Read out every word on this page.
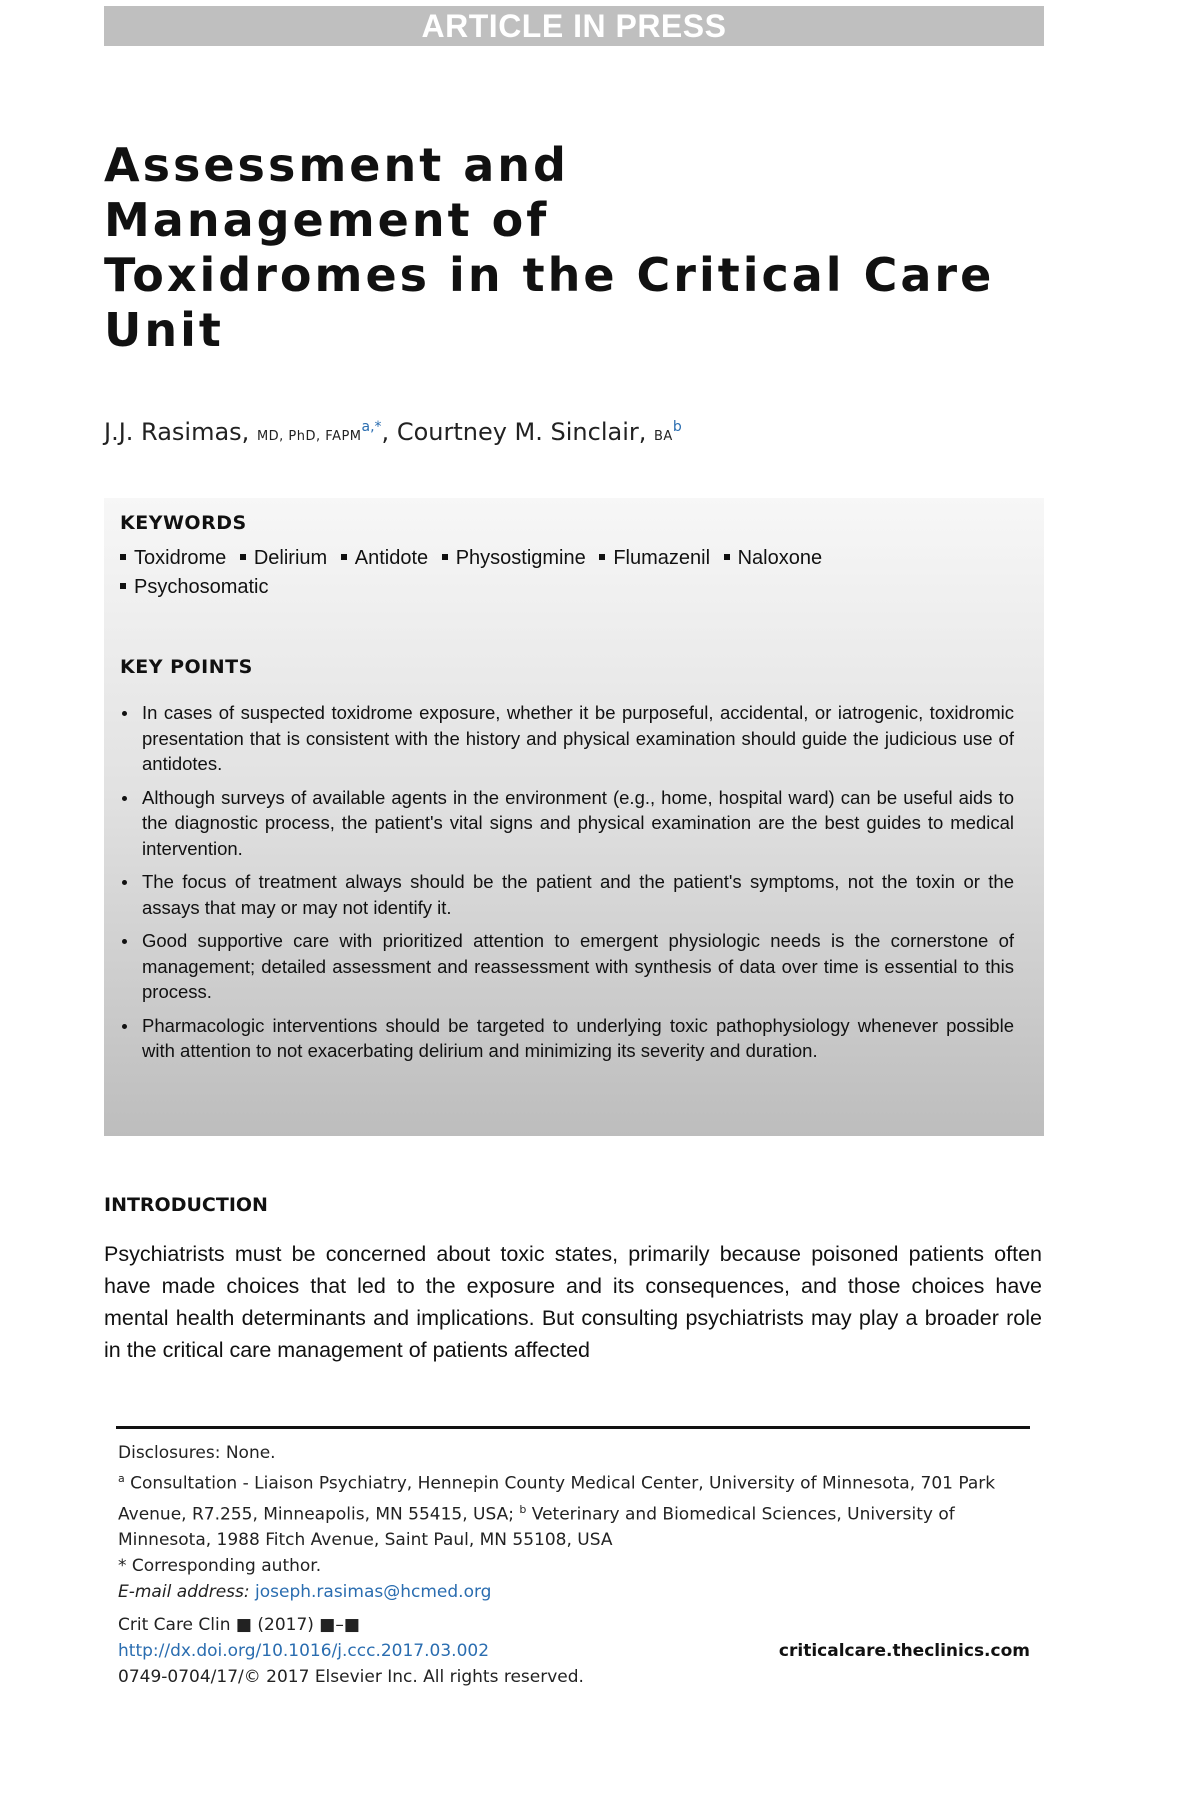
ARTICLE IN PRESS
Assessment and
Management of
Toxidromes in the Critical Care
Unit
J.J. Rasimas, MD, PhD, $FAPM^{a,*}$, Courtney M. Sinclair, $BA^b$
KEYWORDS
Toxidrome Delirium Antidote Physostigmine Flumazenil Naloxone
Psychosomatic
KEY POINTS
In cases of suspected toxidrome exposure, whether it be purposeful, accidental, or iatrogenic, toxidromic presentation that is consistent with the history and physical examination should guide the judicious use of antidotes.
Although surveys of available agents in the environment (e.g., home, hospital ward) can be useful aids to the diagnostic process, the patient's vital signs and physical examination are the best guides to medical intervention.
The focus of treatment always should be the patient and the patient's symptoms, not the toxin or the assays that may or may not identify it.
Good supportive care with prioritized attention to emergent physiologic needs is the cornerstone of management; detailed assessment and reassessment with synthesis of data over time is essential to this process.
Pharmacologic interventions should be targeted to underlying toxic pathophysiology whenever possible with attention to not exacerbating delirium and minimizing its severity and duration.
INTRODUCTION

Psychiatrists must be concerned about toxic states, primarily because poisoned patients often have made choices that led to the exposure and its consequences, and those choices have mental health determinants and implications. But consulting psychiatrists may play a broader role in the critical care management of patients affected

Disclosures: None.
$^a$ Consultation - Liaison Psychiatry, Hennepin County Medical Center, University of Minnesota, 701 Park Avenue, R7.255, Minneapolis, MN 55415, USA; $^b$ Veterinary and Biomedical Sciences, University of Minnesota, 1988 Fitch Avenue, Saint Paul, MN 55108, USA
* Corresponding author.
E-mail address: joseph.rasimas@hcmed.org
Crit Care Clin ■ (2017) ■–■
http://dx.doi.org/10.1016/j.ccc.2017.03.002
0749-0704/17/© 2017 Elsevier Inc. All rights reserved.
criticalcare.theclinics.com
